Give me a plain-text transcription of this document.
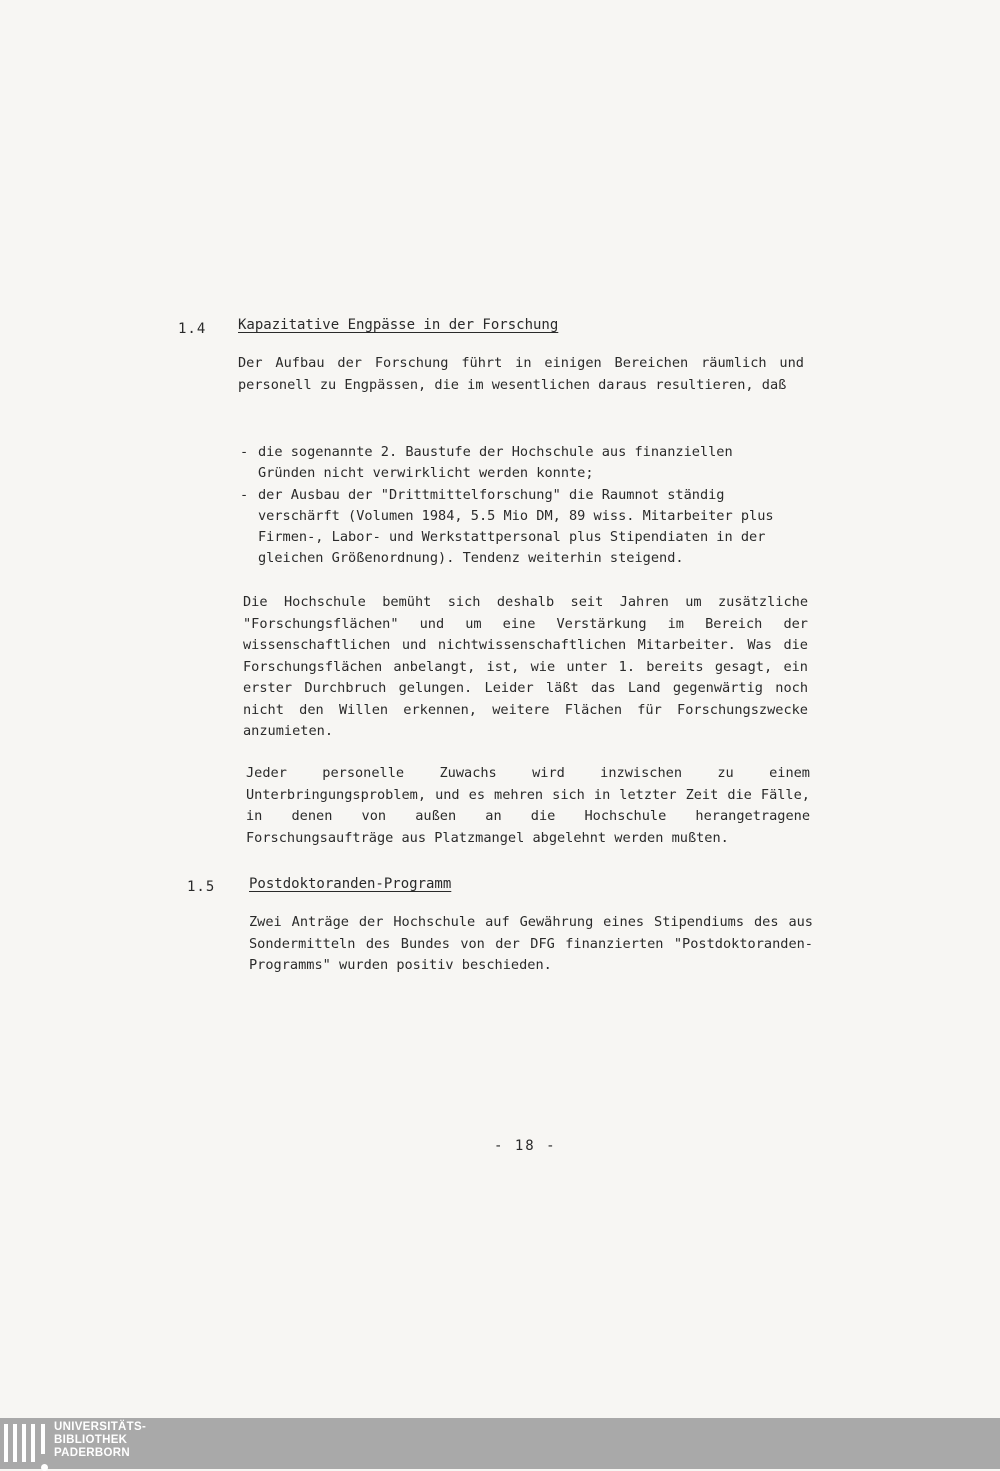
1.4 Kapazitative Engpässe in der Forschung

Der Aufbau der Forschung führt in einigen Bereichen räumlich und personell zu Engpässen, die im wesentlichen daraus resultieren, daß

- die sogenannte 2. Baustufe der Hochschule aus finanziellen Gründen nicht verwirklicht werden konnte;
- der Ausbau der "Drittmittelforschung" die Raumnot ständig verschärft (Volumen 1984, 5.5 Mio DM, 89 wiss. Mitarbeiter plus Firmen-, Labor- und Werkstattpersonal plus Stipendiaten in der gleichen Größenordnung). Tendenz weiterhin steigend.

Die Hochschule bemüht sich deshalb seit Jahren um zusätzliche "Forschungsflächen" und um eine Verstärkung im Bereich der wissenschaftlichen und nichtwissenschaftlichen Mitarbeiter. Was die Forschungsflächen anbelangt, ist, wie unter 1. bereits gesagt, ein erster Durchbruch gelungen. Leider läßt das Land gegenwärtig noch nicht den Willen erkennen, weitere Flächen für Forschungszwecke anzumieten.

Jeder personelle Zuwachs wird inzwischen zu einem Unterbringungsproblem, und es mehren sich in letzter Zeit die Fälle, in denen von außen an die Hochschule herangetragene Forschungsaufträge aus Platzmangel abgelehnt werden mußten.

1.5 Postdoktoranden-Programm

Zwei Anträge der Hochschule auf Gewährung eines Stipendiums des aus Sondermitteln des Bundes von der DFG finanzierten "Postdoktoranden-Programms" wurden positiv beschieden.

- 18 -
UNIVERSITÄTS-
BIBLIOTHEK
PADERBORN
